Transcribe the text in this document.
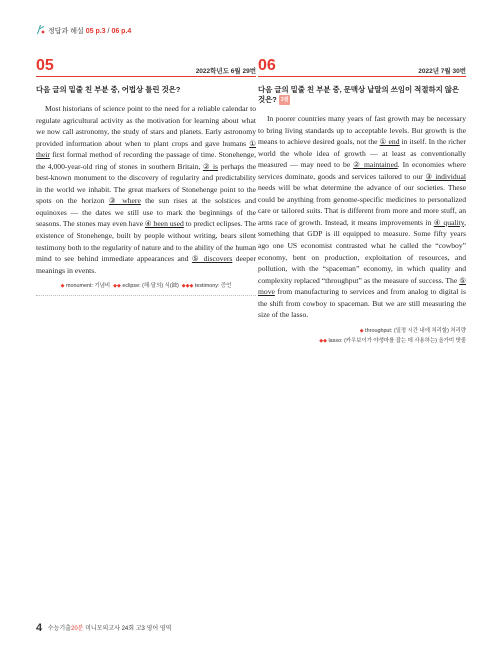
정답과 해설 05 p.3 / 06 p.4
05	2022학년도 6월 29번
다음 글의 밑줄 친 부분 중, 어법상 틀린 것은?

Most historians of science point to the need for a reliable calendar to regulate agricultural activity as the motivation for learning about what we now call astronomy, the study of stars and planets. Early astronomy provided information about when to plant crops and gave humans ① their first formal method of recording the passage of time. Stonehenge, the 4,000-year-old ring of stones in southern Britain, ② is perhaps the best-known monument to the discovery of regularity and predictability in the world we inhabit. The great markers of Stonehenge point to the spots on the horizon ③ where the sun rises at the solstices and equinoxes — the dates we still use to mark the beginnings of the seasons. The stones may even have ④ been used to predict eclipses. The existence of Stonehenge, built by people without writing, bears silent testimony both to the regularity of nature and to the ability of the human mind to see behind immediate appearances and ⑤ discovers deeper meanings in events.

◆ monument: 기념비 ◆◆ eclipse: (해·달의) 식(蝕) ◆◆◆ testimony: 증언
06	2022년 7월 30번
다음 글의 밑줄 친 부분 중, 문맥상 낱말의 쓰임이 적절하지 않은 것은? 3점

In poorer countries many years of fast growth may be necessary to bring living standards up to acceptable levels. But growth is the means to achieve desired goals, not the ① end in itself. In the richer world the whole idea of growth — at least as conventionally measured — may need to be ② maintained. In economies where services dominate, goods and services tailored to our ③ individual needs will be what determine the advance of our societies. These could be anything from genome-specific medicines to personalized care or tailored suits. That is different from more and more stuff, an arms race of growth. Instead, it means improvements in ④ quality, something that GDP is ill equipped to measure. Some fifty years ago one US economist contrasted what he called the “cowboy” economy, bent on production, exploitation of resources, and pollution, with the “spaceman” economy, in which quality and complexity replaced “throughput” as the measure of success. The ⑤ move from manufacturing to services and from analog to digital is the shift from cowboy to spaceman. But we are still measuring the size of the lasso.

◆ throughput: (일정 시간 내에 처리할) 처리량
◆◆ lasso: (카우보이가 야생마를 잡는 데 사용하는) 올가미 밧줄
4 수능기출20분 미니모의고사 24회 고3 영어 영역
